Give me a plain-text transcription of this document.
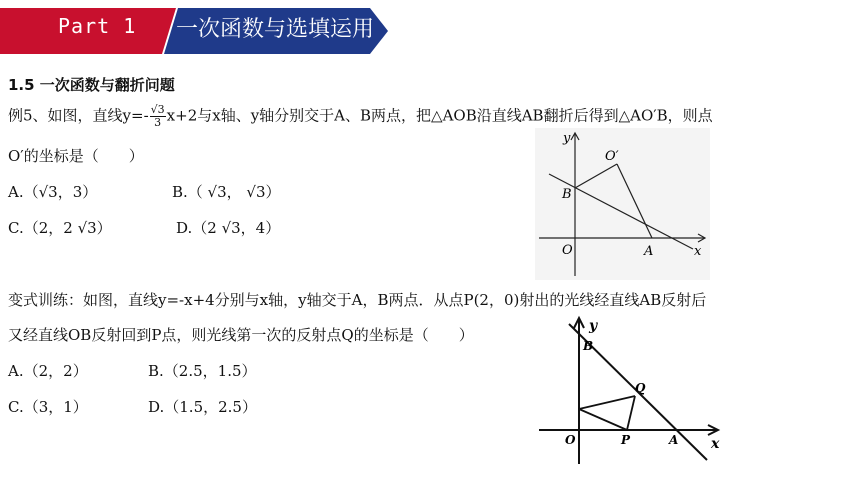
Part 1 一次函数与选填运用
1.5 一次函数与翻折问题
例5、如图，直线$y=- \frac{√3}{3} x+2$与x轴、y轴分别交于A、B两点，把△AOB沿直线AB翻折后得到△AO′B，则点
O′的坐标是（　　）
A.（√3，3）	B.（ √3， √3）
C.（2，2 √3）	D.（2 √3，4）
y
x
O	A
B
O′
变式训练：如图，直线y=-x+4分别与x轴，y轴交于A，B两点．从点P(2，0)射出的光线经直线AB反射后
又经直线OB反射回到P点，则光线第一次的反射点Q的坐标是（　　）
A.（2，2）	B.（2.5，1.5）
C.（3，1）	D.（1.5，2.5）
y
x
O	A
B
P
Q
